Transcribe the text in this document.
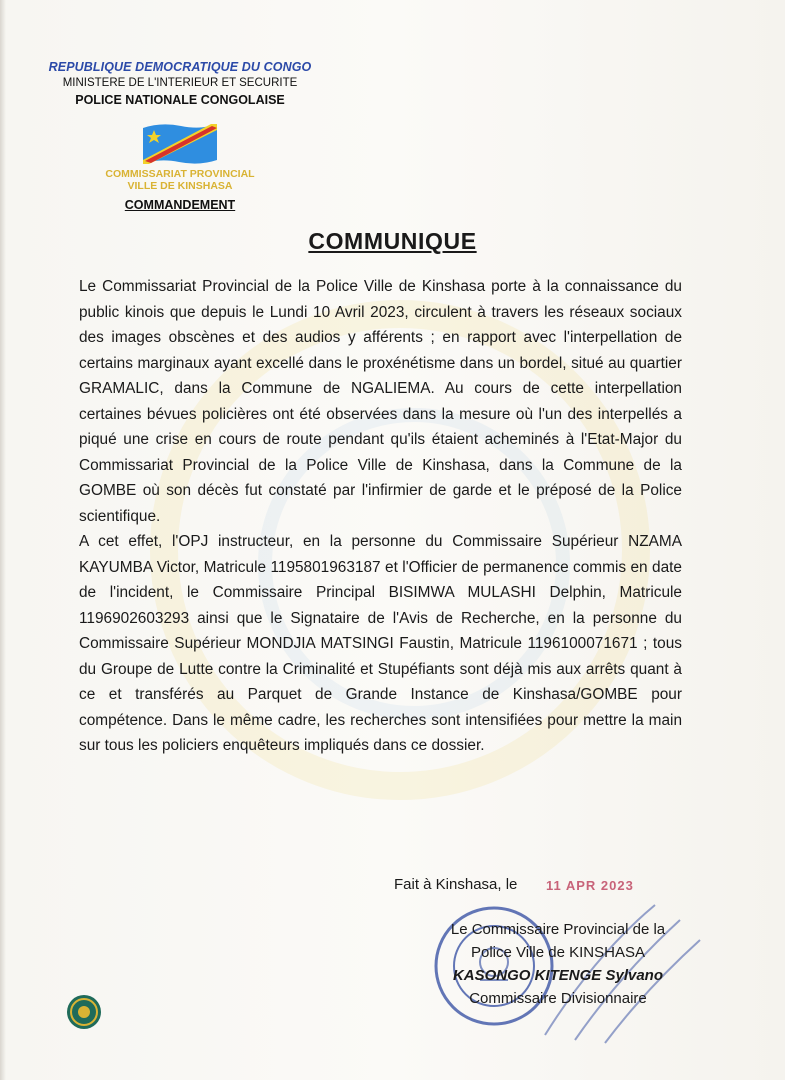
REPUBLIQUE DEMOCRATIQUE DU CONGO
MINISTERE DE L'INTERIEUR ET SECURITE
POLICE NATIONALE CONGOLAISE
COMMISSARIAT PROVINCIAL
VILLE DE KINSHASA
COMMANDEMENT
COMMUNIQUE

Le Commissariat Provincial de la Police Ville de Kinshasa porte à la connaissance du public kinois que depuis le Lundi 10 Avril 2023, circulent à travers les réseaux sociaux des images obscènes et des audios y afférents ; en rapport avec l'interpellation de certains marginaux ayant excellé dans le proxénétisme dans un bordel, situé au quartier GRAMALIC, dans la Commune de NGALIEMA. Au cours de cette interpellation certaines bévues policières ont été observées dans la mesure où l'un des interpellés a piqué une crise en cours de route pendant qu'ils étaient acheminés à l'Etat-Major du Commissariat Provincial de la Police Ville de Kinshasa, dans la Commune de la GOMBE où son décès fut constaté par l'infirmier de garde et le préposé de la Police scientifique.

A cet effet, l'OPJ instructeur, en la personne du Commissaire Supérieur NZAMA KAYUMBA Victor, Matricule 1195801963187 et l'Officier de permanence commis en date de l'incident, le Commissaire Principal BISIMWA MULASHI Delphin, Matricule 1196902603293 ainsi que le Signataire de l'Avis de Recherche, en la personne du Commissaire Supérieur MONDJIA MATSINGI Faustin, Matricule 1196100071671 ; tous du Groupe de Lutte contre la Criminalité et Stupéfiants sont déjà mis aux arrêts quant à ce et transférés au Parquet de Grande Instance de Kinshasa/GOMBE pour compétence. Dans le même cadre, les recherches sont intensifiées pour mettre la main sur tous les policiers enquêteurs impliqués dans ce dossier.

Fait à Kinshasa, le 11 APR 2023
Le Commissaire Provincial de la
Police Ville de KINSHASA
KASONGO KITENGE Sylvano
Commissaire Divisionnaire
